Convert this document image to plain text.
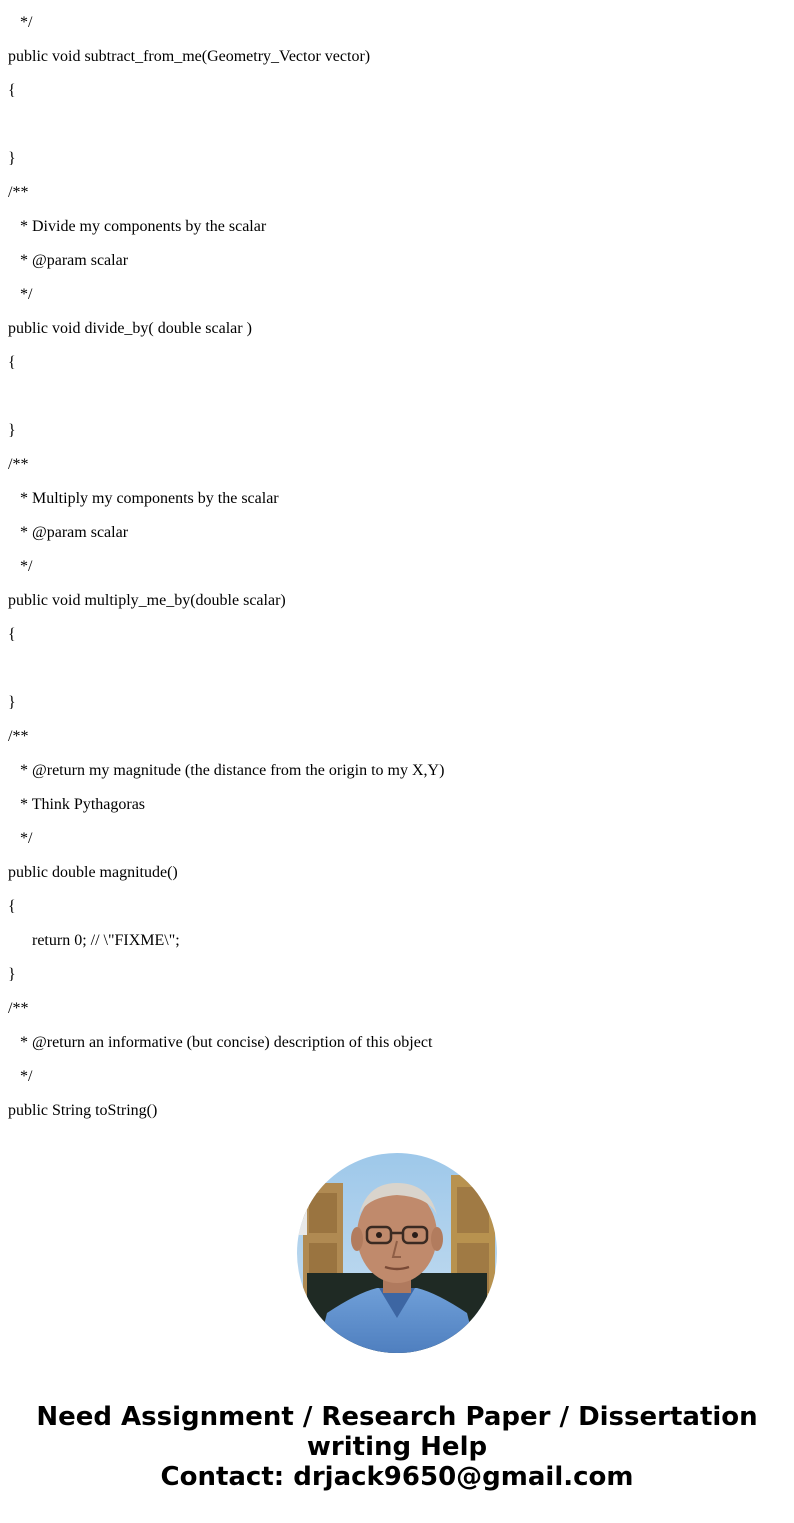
*/
public void subtract_from_me(Geometry_Vector vector)
{
}
/**
* Divide my components by the scalar
* @param scalar
*/
public void divide_by( double scalar )
{
}
/**
* Multiply my components by the scalar
* @param scalar
*/
public void multiply_me_by(double scalar)
{
}
/**
* @return my magnitude (the distance from the origin to my X,Y)
* Think Pythagoras
*/
public double magnitude()
{
return 0; // \"FIXME\";
}
/**
* @return an informative (but concise) description of this object
*/
public String toString()
Need Assignment / Research Paper / Dissertation
writing Help
Contact: drjack9650@gmail.com
